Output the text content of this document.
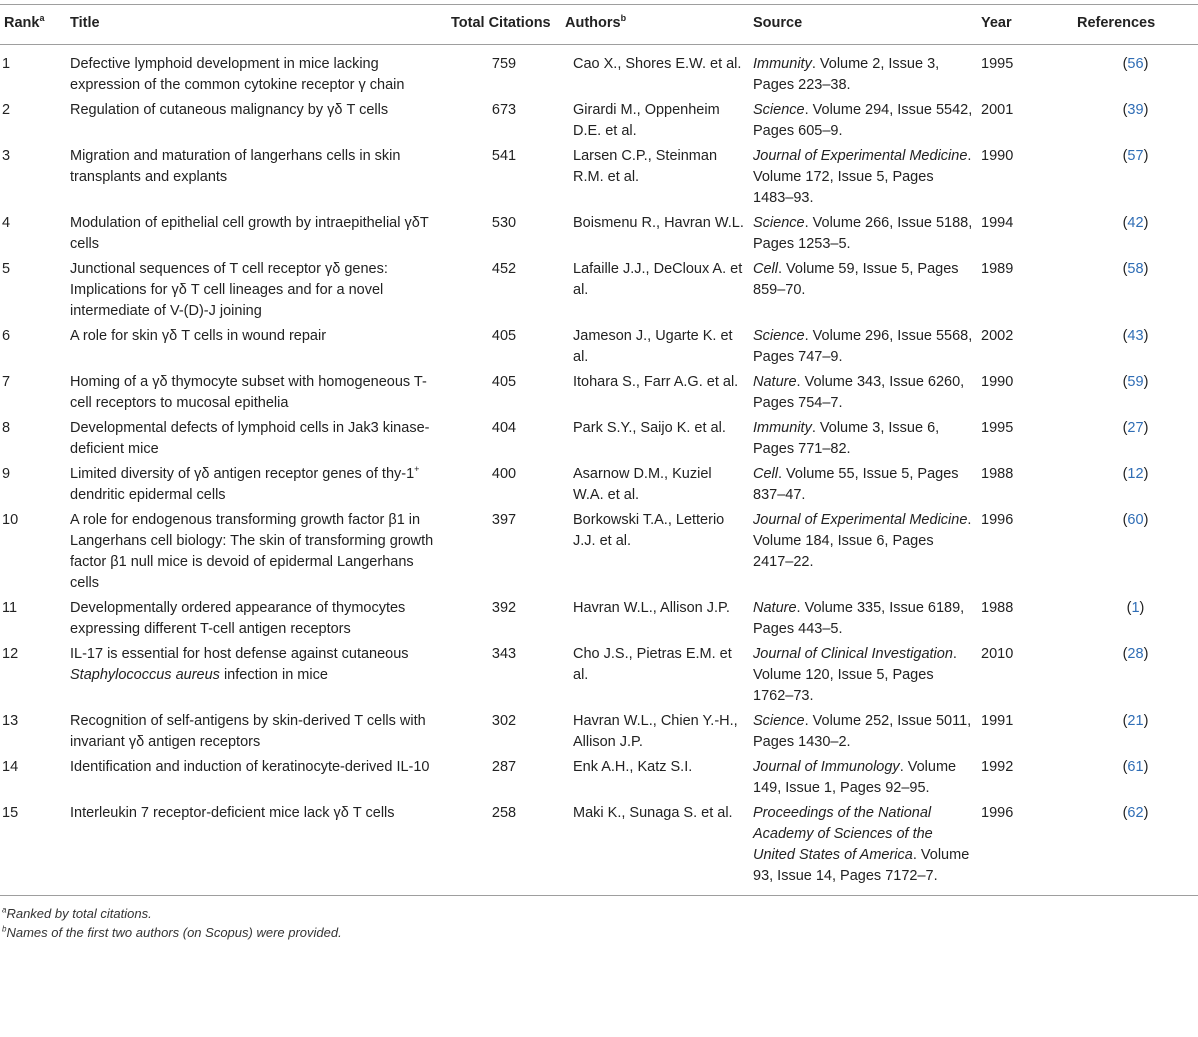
Rank$^a$	Title	Total Citations	Authors$^b$	Source	Year	References
1	Defective lymphoid development in mice lacking expression of the common cytokine receptor γ chain	759	Cao X., Shores E.W. et al.	Immunity. Volume 2, Issue 3, Pages 223–38.	1995	(56)
2	Regulation of cutaneous malignancy by γδ T cells	673	Girardi M., Oppenheim D.E. et al.	Science. Volume 294, Issue 5542, Pages 605–9.	2001	(39)
3	Migration and maturation of langerhans cells in skin transplants and explants	541	Larsen C.P., Steinman R.M. et al.	Journal of Experimental Medicine. Volume 172, Issue 5, Pages 1483–93.	1990	(57)
4	Modulation of epithelial cell growth by intraepithelial γδT cells	530	Boismenu R., Havran W.L.	Science. Volume 266, Issue 5188, Pages 1253–5.	1994	(42)
5	Junctional sequences of T cell receptor γδ genes: Implications for γδ T cell lineages and for a novel intermediate of V-(D)-J joining	452	Lafaille J.J., DeCloux A. et al.	Cell. Volume 59, Issue 5, Pages 859–70.	1989	(58)
6	A role for skin γδ T cells in wound repair	405	Jameson J., Ugarte K. et al.	Science. Volume 296, Issue 5568, Pages 747–9.	2002	(43)
7	Homing of a γδ thymocyte subset with homogeneous T-cell receptors to mucosal epithelia	405	Itohara S., Farr A.G. et al.	Nature. Volume 343, Issue 6260, Pages 754–7.	1990	(59)
8	Developmental defects of lymphoid cells in Jak3 kinase-deficient mice	404	Park S.Y., Saijo K. et al.	Immunity. Volume 3, Issue 6, Pages 771–82.	1995	(27)
9	Limited diversity of γδ antigen receptor genes of thy-1+ dendritic epidermal cells	400	Asarnow D.M., Kuziel W.A. et al.	Cell. Volume 55, Issue 5, Pages 837–47.	1988	(12)
10	A role for endogenous transforming growth factor β1 in Langerhans cell biology: The skin of transforming growth factor β1 null mice is devoid of epidermal Langerhans cells	397	Borkowski T.A., Letterio J.J. et al.	Journal of Experimental Medicine. Volume 184, Issue 6, Pages 2417–22.	1996	(60)
11	Developmentally ordered appearance of thymocytes expressing different T-cell antigen receptors	392	Havran W.L., Allison J.P.	Nature. Volume 335, Issue 6189, Pages 443–5.	1988	(1)
12	IL-17 is essential for host defense against cutaneous Staphylococcus aureus infection in mice	343	Cho J.S., Pietras E.M. et al.	Journal of Clinical Investigation. Volume 120, Issue 5, Pages 1762–73.	2010	(28)
13	Recognition of self-antigens by skin-derived T cells with invariant γδ antigen receptors	302	Havran W.L., Chien Y.-H., Allison J.P.	Science. Volume 252, Issue 5011, Pages 1430–2.	1991	(21)
14	Identification and induction of keratinocyte-derived IL-10	287	Enk A.H., Katz S.I.	Journal of Immunology. Volume 149, Issue 1, Pages 92–95.	1992	(61)
15	Interleukin 7 receptor-deficient mice lack γδ T cells	258	Maki K., Sunaga S. et al.	Proceedings of the National Academy of Sciences of the United States of America. Volume 93, Issue 14, Pages 7172–7.	1996	(62)
$^a$Ranked by total citations.
$^b$Names of the first two authors (on Scopus) were provided.
